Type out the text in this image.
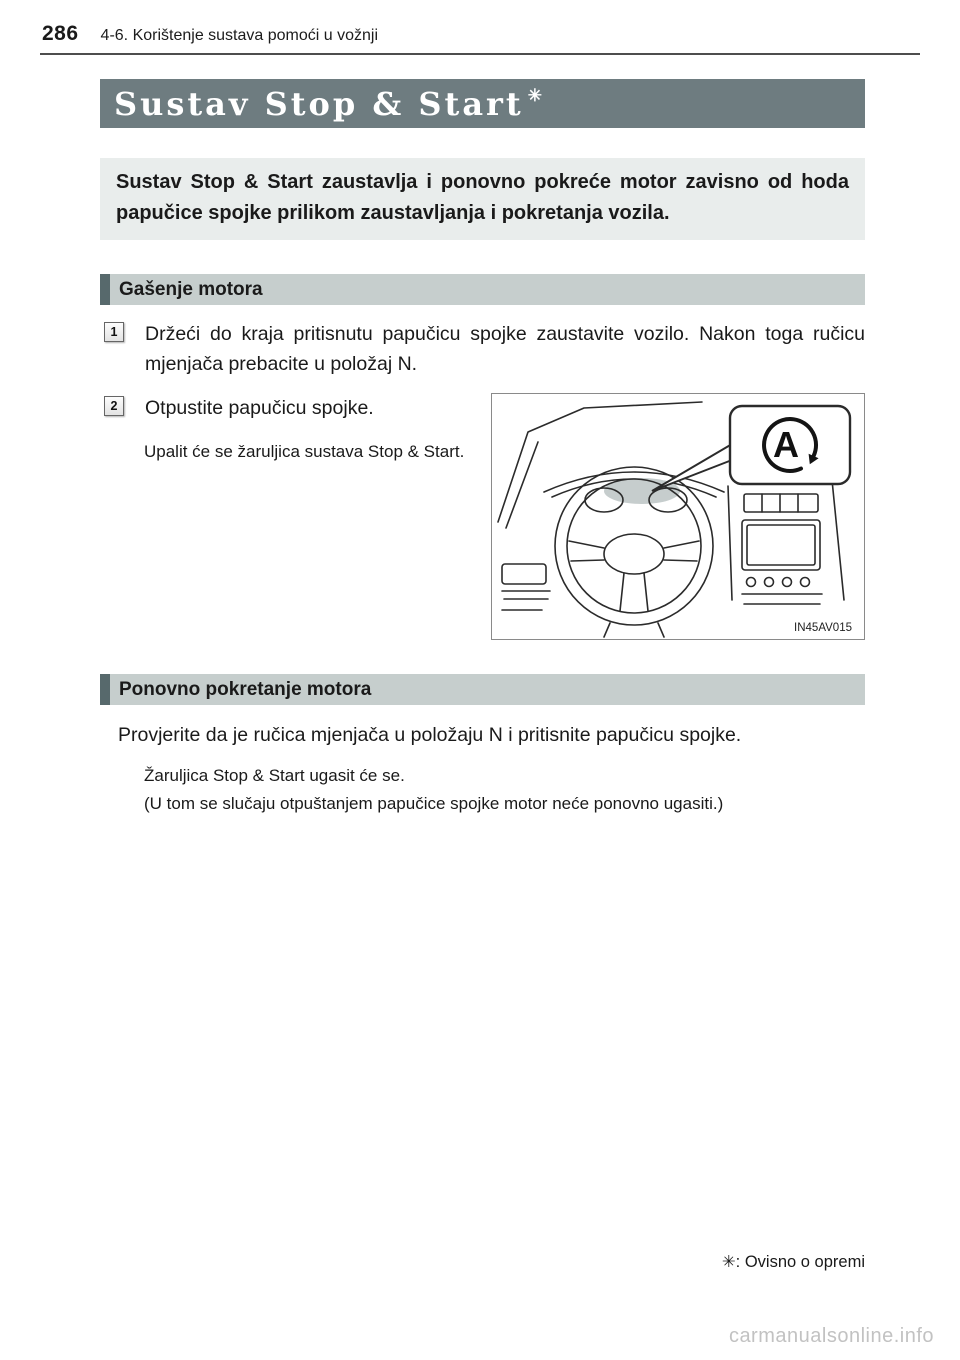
286 4-6. Korištenje sustava pomoći u vožnji
Sustav Stop & Start ✳

Sustav Stop & Start zaustavlja i ponovno pokreće motor zavisno od hoda papučice spojke prilikom zaustavljanja i pokretanja vozila.

Gašenje motora
1	Držeći do kraja pritisnutu papučicu spojke zaustavite vozilo. Nakon toga ručicu mjenjača prebacite u položaj N.

2	Otpustite papučicu spojke.

Upalit će se žaruljica sustava Stop & Start.	A
IN45AV015
Ponovno pokretanje motora

Provjerite da je ručica mjenjača u položaju N i pritisnite papučicu spojke.

Žaruljica Stop & Start ugasit će se.

(U tom se slučaju otpuštanjem papučice spojke motor neće ponovno ugasiti.)

✳: Ovisno o opremi
carmanualsonline.info
